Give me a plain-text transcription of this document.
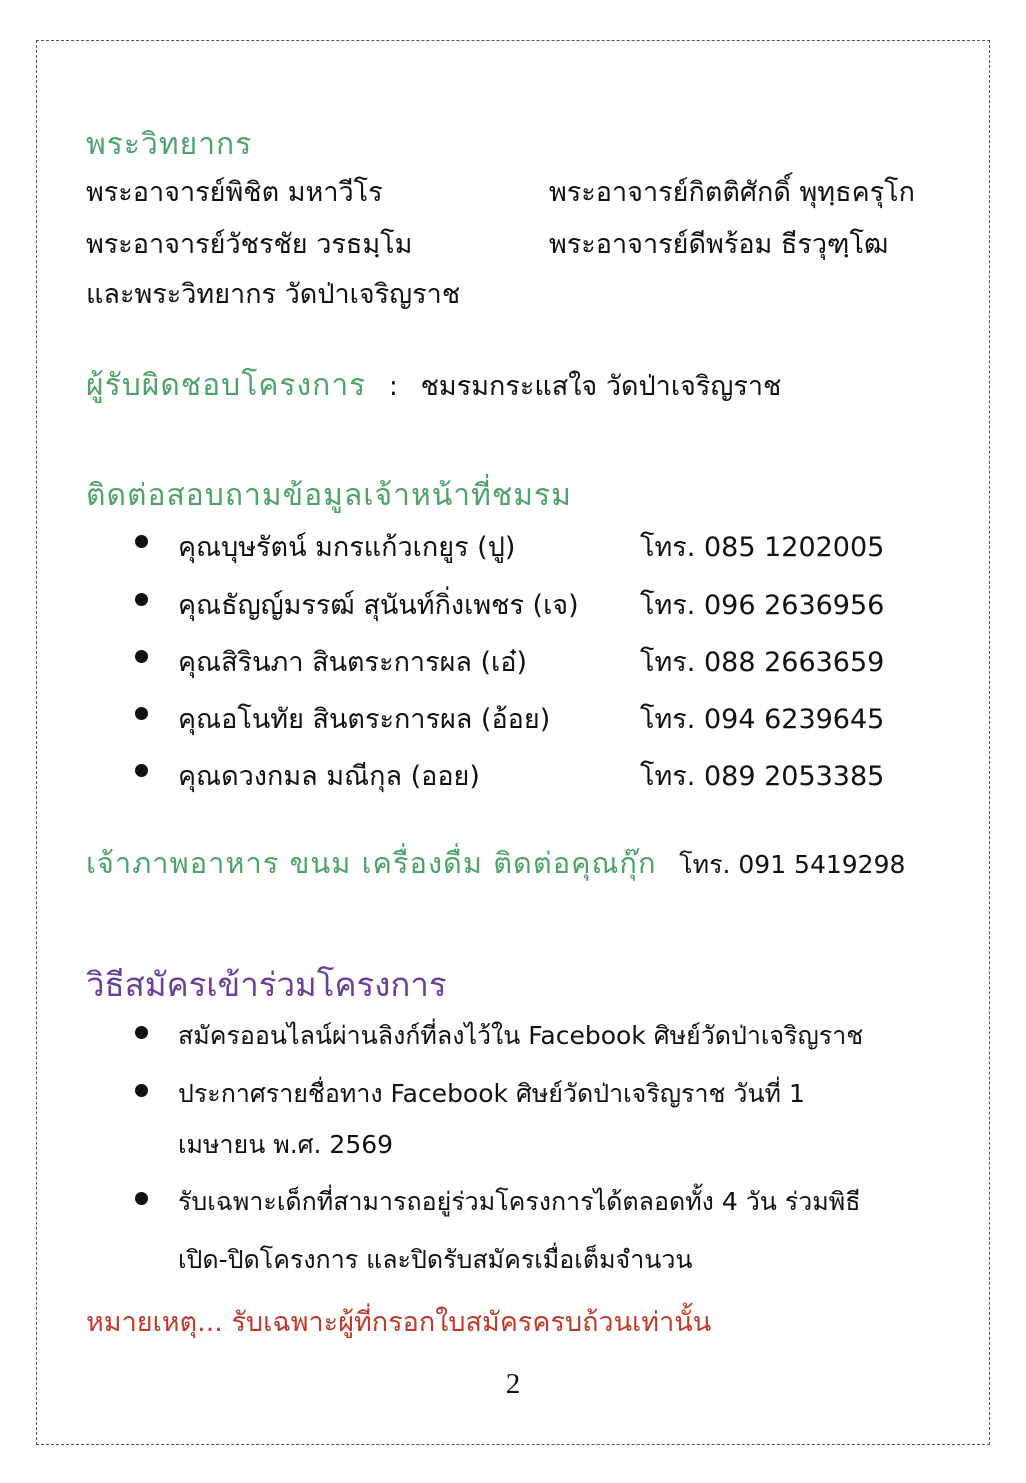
พระวิทยากร
พระอาจารย์พิชิต มหาวีโร	พระอาจารย์กิตติศักดิ์ พุทฺธครุโก
พระอาจารย์วัชรชัย วรธมฺโม	พระอาจารย์ดีพร้อม ธีรวุฑฺโฒ
และพระวิทยากร วัดป่าเจริญราช
ผู้รับผิดชอบโครงการ : ชมรมกระแสใจ วัดป่าเจริญราช
ติดต่อสอบถามข้อมูลเจ้าหน้าที่ชมรม
คุณบุษรัตน์ มกรแก้วเกยูร (ปู)	โทร. 085 1202005
คุณธัญญ์มรรฒ์ สุนันท์กิ่งเพชร (เจ) โทร. 096 2636956
คุณสิรินภา สินตระการผล (เอ๋)	โทร. 088 2663659
คุณอโนทัย สินตระการผล (อ้อย)	โทร. 094 6239645
คุณดวงกมล มณีกุล (ออย)	โทร. 089 2053385
เจ้าภาพอาหาร ขนม เครื่องดื่ม ติดต่อคุณกุ๊ก โทร. 091 5419298
วิธีสมัครเข้าร่วมโครงการ
สมัครออนไลน์ผ่านลิงก์ที่ลงไว้ใน Facebook ศิษย์วัดป่าเจริญราช
ประกาศรายชื่อทาง Facebook ศิษย์วัดป่าเจริญราช วันที่ 1
เมษายน พ.ศ. 2569
รับเฉพาะเด็กที่สามารถอยู่ร่วมโครงการได้ตลอดทั้ง 4 วัน ร่วมพิธี
เปิด-ปิดโครงการ และปิดรับสมัครเมื่อเต็มจำนวน
หมายเหตุ... รับเฉพาะผู้ที่กรอกใบสมัครครบถ้วนเท่านั้น
2
